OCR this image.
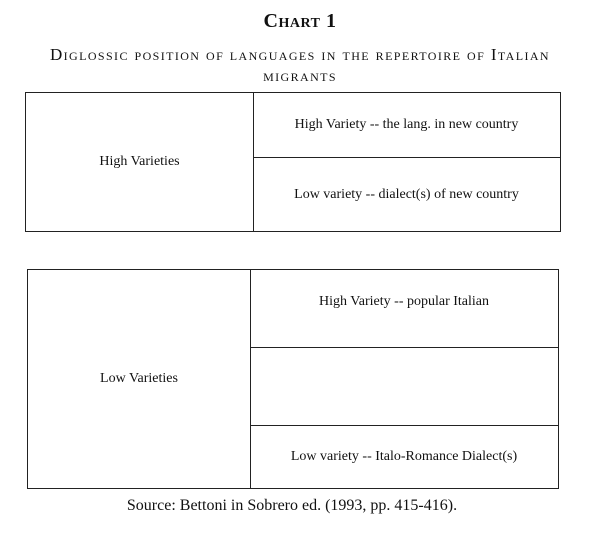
Chart 1
Diglossic position of languages in the repertoire of Italian migrants
High Varieties
High Variety -- the lang. in new country
Low variety -- dialect(s) of new country
Low Varieties
High Variety -- popular Italian
Low variety -- Italo-Romance Dialect(s)
Source: Bettoni in Sobrero ed. (1993, pp. 415-416).
